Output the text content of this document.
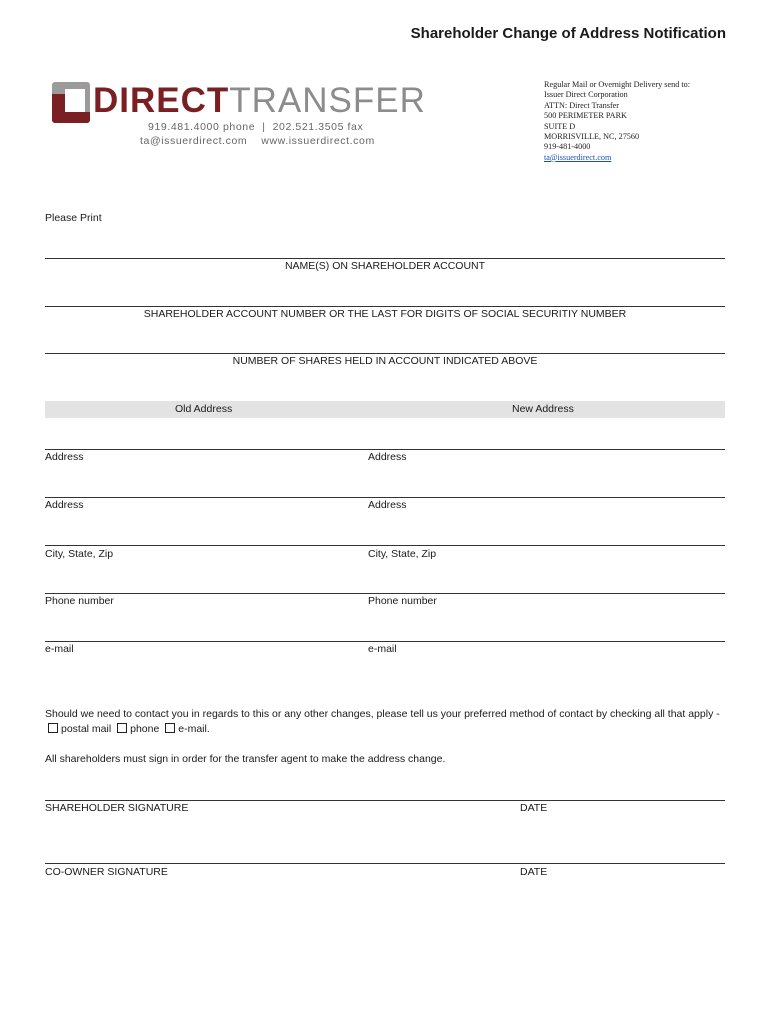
Shareholder Change of Address Notification
DIRECTTRANSFER
919.481.4000 phone | 202.521.3505 fax
ta@issuerdirect.com www.issuerdirect.com
Regular Mail or Overnight Delivery send to:
Issuer Direct Corporation
ATTN: Direct Transfer
500 PERIMETER PARK
SUITE D
MORRISVILLE, NC, 27560
919-481-4000
ta@issuerdirect.com
Please Print
NAME(S) ON SHAREHOLDER ACCOUNT
SHAREHOLDER ACCOUNT NUMBER OR THE LAST FOR DIGITS OF SOCIAL SECURITIY NUMBER
NUMBER OF SHARES HELD IN ACCOUNT INDICATED ABOVE
Old Address	New Address
Address	Address
Address	Address
City, State, Zip	City, State, Zip
Phone number	Phone number
e-mail	e-mail
Should we need to contact you in regards to this or any other changes, please tell us your preferred method of contact by checking all that apply - postal mail phone e-mail.
All shareholders must sign in order for the transfer agent to make the address change.
SHAREHOLDER SIGNATURE	DATE
CO-OWNER SIGNATURE	DATE
